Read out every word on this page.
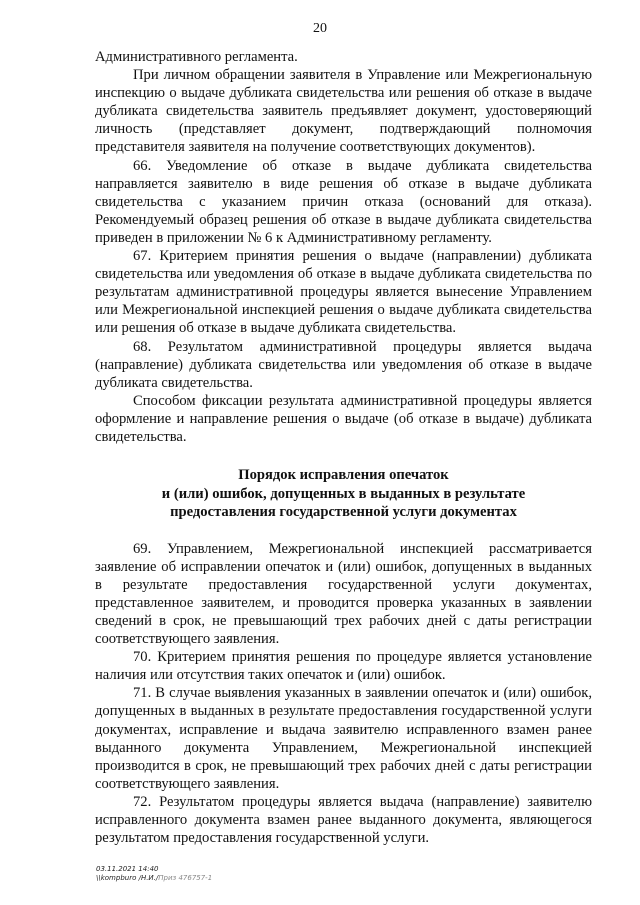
20

Административного регламента.

При личном обращении заявителя в Управление или Межрегиональную инспекцию о выдаче дубликата свидетельства или решения об отказе в выдаче дубликата свидетельства заявитель предъявляет документ, удостоверяющий личность (представляет документ, подтверждающий полномочия представителя заявителя на получение соответствующих документов).

66. Уведомление об отказе в выдаче дубликата свидетельства направляется заявителю в виде решения об отказе в выдаче дубликата свидетельства с указанием причин отказа (оснований для отказа). Рекомендуемый образец решения об отказе в выдаче дубликата свидетельства приведен в приложении № 6 к Административному регламенту.

67. Критерием принятия решения о выдаче (направлении) дубликата свидетельства или уведомления об отказе в выдаче дубликата свидетельства по результатам административной процедуры является вынесение Управлением или Межрегиональной инспекцией решения о выдаче дубликата свидетельства или решения об отказе в выдаче дубликата свидетельства.

68. Результатом административной процедуры является выдача (направление) дубликата свидетельства или уведомления об отказе в выдаче дубликата свидетельства.

Способом фиксации результата административной процедуры является оформление и направление решения о выдаче (об отказе в выдаче) дубликата свидетельства.

Порядок исправления опечаток
и (или) ошибок, допущенных в выданных в результате
предоставления государственной услуги документах

69. Управлением, Межрегиональной инспекцией рассматривается заявление об исправлении опечаток и (или) ошибок, допущенных в выданных в результате предоставления государственной услуги документах, представленное заявителем, и проводится проверка указанных в заявлении сведений в срок, не превышающий трех рабочих дней с даты регистрации соответствующего заявления.

70. Критерием принятия решения по процедуре является установление наличия или отсутствия таких опечаток и (или) ошибок.

71. В случае выявления указанных в заявлении опечаток и (или) ошибок, допущенных в выданных в результате предоставления государственной услуги документах, исправление и выдача заявителю исправленного взамен ранее выданного документа Управлением, Межрегиональной инспекцией производится в срок, не превышающий трех рабочих дней с даты регистрации соответствующего заявления.

72. Результатом процедуры является выдача (направление) заявителю исправленного документа взамен ранее выданного документа, являющегося результатом предоставления государственной услуги.

03.11.2021 14:40
\\kompburo /Н.И./Приз 476757-1
